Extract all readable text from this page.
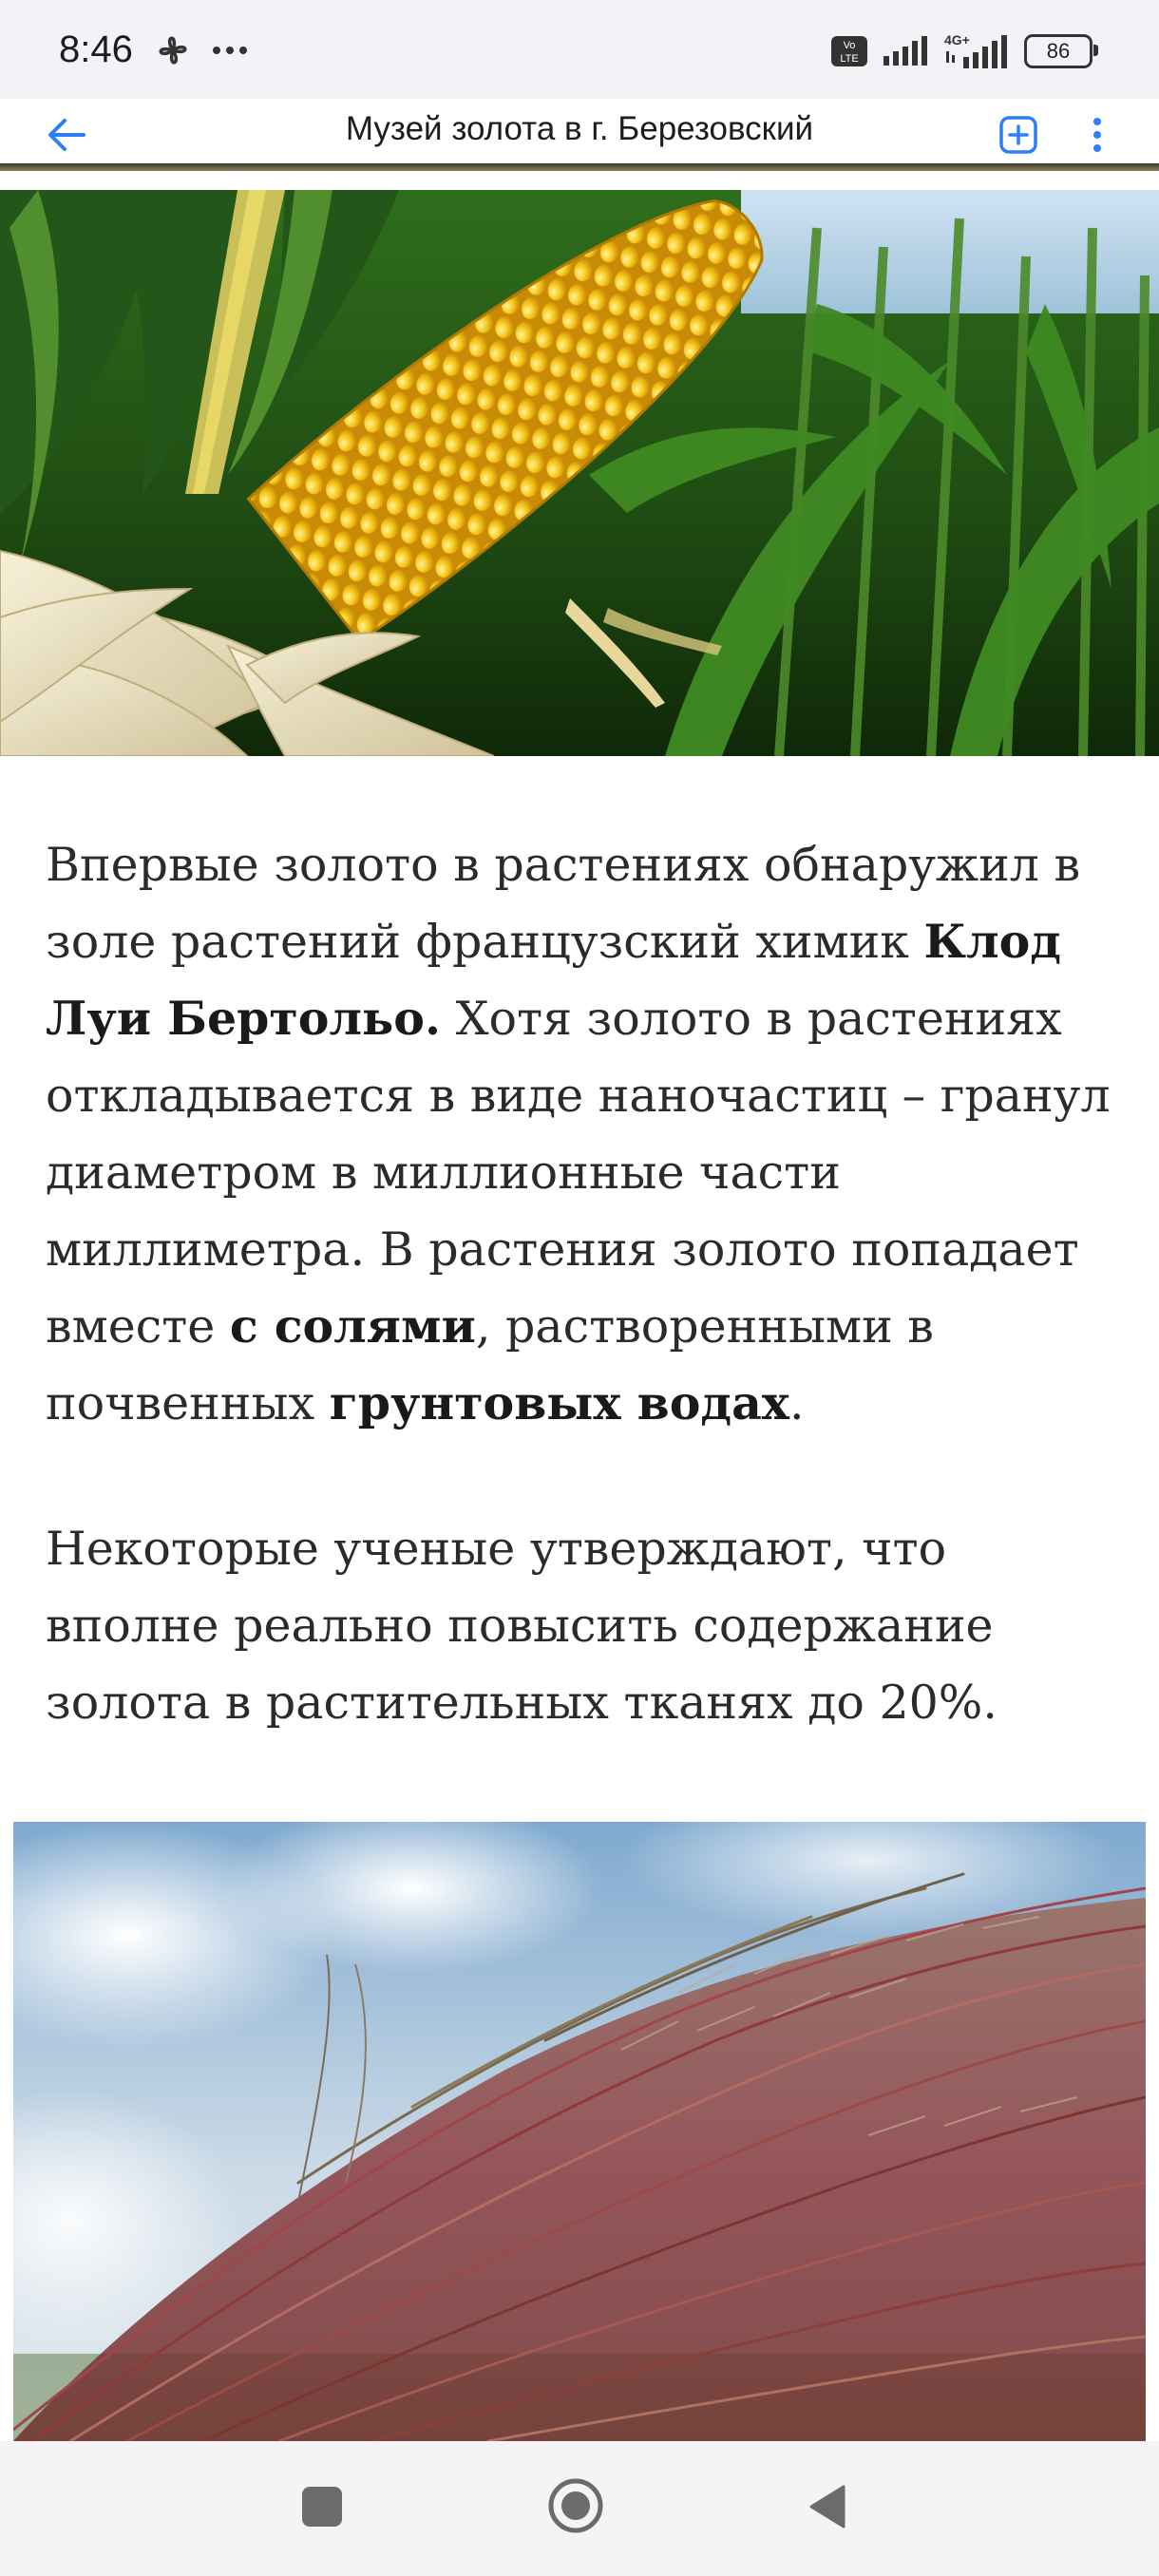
8:46	Vo
LTE
4G+	86
Музей золота в г. Березовский

Впервые золото в растениях обнаружил в золе растений французский химик Клод Луи Бертольо. Хотя золото в растениях откладывается в виде наночастиц – гранул диаметром в миллионные части миллиметра. В растения золото попадает вместе с солями, растворенными в почвенных грунтовых водах.

Некоторые ученые утверждают, что вполне реально повысить содержание золота в растительных тканях до 20%.
